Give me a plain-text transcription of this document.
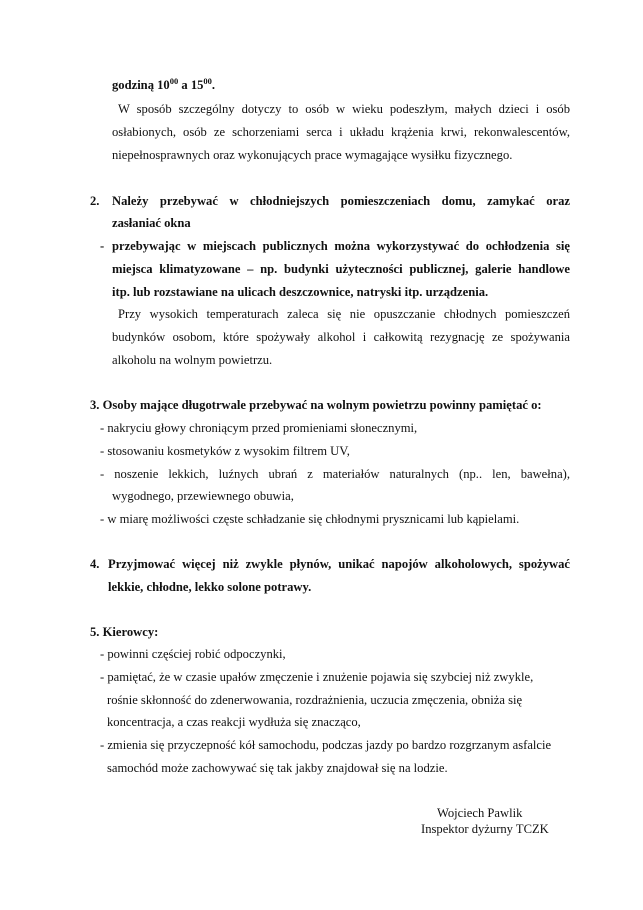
godziną $10^{00}$ a $15^{00}$.
W sposób szczególny dotyczy to osób w wieku podeszłym, małych dzieci i osób
osłabionych, osób ze schorzeniami serca i układu krążenia krwi, rekonwalescentów,
niepełnosprawnych oraz wykonujących prace wymagające wysiłku fizycznego.
2. Należy przebywać w chłodniejszych pomieszczeniach domu, zamykać oraz
zasłaniać okna
- przebywając w miejscach publicznych można wykorzystywać do ochłodzenia się
miejsca klimatyzowane – np. budynki użyteczności publicznej, galerie handlowe
itp. lub rozstawiane na ulicach deszczownice, natryski itp. urządzenia.
Przy wysokich temperaturach zaleca się nie opuszczanie chłodnych pomieszczeń
budynków osobom, które spożywały alkohol i całkowitą rezygnację ze spożywania
alkoholu na wolnym powietrzu.
3. Osoby mające długotrwale przebywać na wolnym powietrzu powinny pamiętać o:
- nakryciu głowy chroniącym przed promieniami słonecznymi,
- stosowaniu kosmetyków z wysokim filtrem UV,
- noszenie lekkich, luźnych ubrań z materiałów naturalnych (np.. len, bawełna),
wygodnego, przewiewnego obuwia,
- w miarę możliwości częste schładzanie się chłodnymi prysznicami lub kąpielami.
4. Przyjmować więcej niż zwykle płynów, unikać napojów alkoholowych, spożywać
lekkie, chłodne, lekko solone potrawy.
5. Kierowcy:
- powinni częściej robić odpoczynki,
- pamiętać, że w czasie upałów zmęczenie i znużenie pojawia się szybciej niż zwykle,
rośnie skłonność do zdenerwowania, rozdrażnienia, uczucia zmęczenia, obniża się
koncentracja, a czas reakcji wydłuża się znacząco,
- zmienia się przyczepność kół samochodu, podczas jazdy po bardzo rozgrzanym asfalcie
samochód może zachowywać się tak jakby znajdował się na lodzie.
Wojciech Pawlik
Inspektor dyżurny TCZK
